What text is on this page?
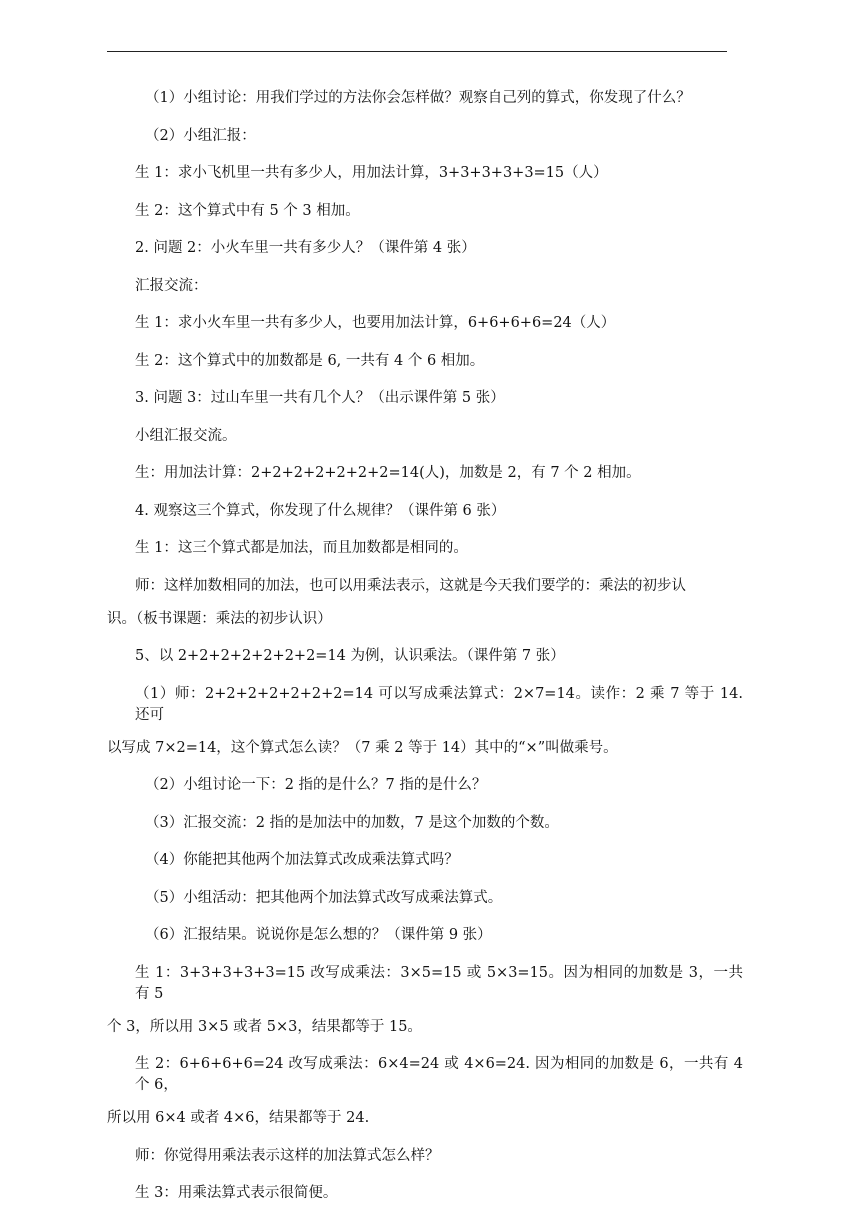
（1）小组讨论：用我们学过的方法你会怎样做？观察自己列的算式，你发现了什么？
（2）小组汇报：
生 1：求小飞机里一共有多少人，用加法计算，3+3+3+3+3=15（人）
生 2：这个算式中有 5 个 3 相加。
2. 问题 2：小火车里一共有多少人？（课件第 4 张）
汇报交流：
生 1：求小火车里一共有多少人，也要用加法计算，6+6+6+6=24（人）
生 2：这个算式中的加数都是 6, 一共有 4 个 6 相加。
3. 问题 3：过山车里一共有几个人？（出示课件第 5 张）
小组汇报交流。
生：用加法计算：2+2+2+2+2+2+2=14(人)，加数是 2，有 7 个 2 相加。
4. 观察这三个算式，你发现了什么规律？（课件第 6 张）
生 1：这三个算式都是加法，而且加数都是相同的。
师：这样加数相同的加法，也可以用乘法表示，这就是今天我们要学的：乘法的初步认
识。（板书课题：乘法的初步认识）
5、以 2+2+2+2+2+2+2=14 为例，认识乘法。（课件第 7 张）
（1）师：2+2+2+2+2+2+2=14 可以写成乘法算式：2×7=14。读作：2 乘 7 等于 14. 还可
以写成 7×2=14，这个算式怎么读？（7 乘 2 等于 14）其中的“×”叫做乘号。
（2）小组讨论一下：2 指的是什么？7 指的是什么？
（3）汇报交流：2 指的是加法中的加数，7 是这个加数的个数。
（4）你能把其他两个加法算式改成乘法算式吗？
（5）小组活动：把其他两个加法算式改写成乘法算式。
（6）汇报结果。说说你是怎么想的？（课件第 9 张）
生 1：3+3+3+3+3=15 改写成乘法：3×5=15 或 5×3=15。因为相同的加数是 3，一共有 5
个 3，所以用 3×5 或者 5×3，结果都等于 15。
生 2：6+6+6+6=24 改写成乘法：6×4=24 或 4×6=24. 因为相同的加数是 6，一共有 4 个 6，
所以用 6×4 或者 4×6，结果都等于 24.
师：你觉得用乘法表示这样的加法算式怎么样？
生 3：用乘法算式表示很简便。
